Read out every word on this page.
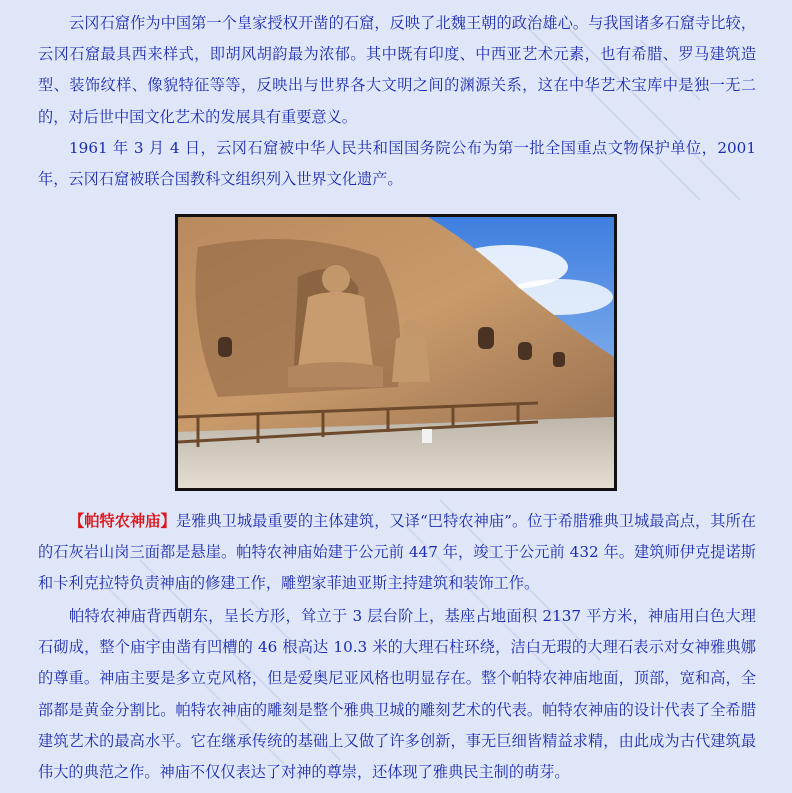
云冈石窟作为中国第一个皇家授权开凿的石窟，反映了北魏王朝的政治雄心。与我国诸多石窟寺比较，云冈石窟最具西来样式，即胡风胡韵最为浓郁。其中既有印度、中西亚艺术元素，也有希腊、罗马建筑造型、装饰纹样、像貌特征等等，反映出与世界各大文明之间的渊源关系，这在中华艺术宝库中是独一无二的，对后世中国文化艺术的发展具有重要意义。

1961 年 3 月 4 日，云冈石窟被中华人民共和国国务院公布为第一批全国重点文物保护单位，2001 年，云冈石窟被联合国教科文组织列入世界文化遗产。

【帕特农神庙】是雅典卫城最重要的主体建筑，又译“巴特农神庙”。位于希腊雅典卫城最高点，其所在的石灰岩山岗三面都是悬崖。帕特农神庙始建于公元前 447 年，竣工于公元前 432 年。建筑师伊克提诺斯和卡利克拉特负责神庙的修建工作，雕塑家菲迪亚斯主持建筑和装饰工作。

帕特农神庙背西朝东，呈长方形，耸立于 3 层台阶上，基座占地面积 2137 平方米，神庙用白色大理石砌成，整个庙宇由凿有凹槽的 46 根高达 10.3 米的大理石柱环绕，洁白无瑕的大理石表示对女神雅典娜的尊重。神庙主要是多立克风格，但是爱奥尼亚风格也明显存在。整个帕特农神庙地面，顶部，宽和高，全部都是黄金分割比。帕特农神庙的雕刻是整个雅典卫城的雕刻艺术的代表。帕特农神庙的设计代表了全希腊建筑艺术的最高水平。它在继承传统的基础上又做了许多创新，事无巨细皆精益求精，由此成为古代建筑最伟大的典范之作。神庙不仅仅表达了对神的尊崇，还体现了雅典民主制的萌芽。
